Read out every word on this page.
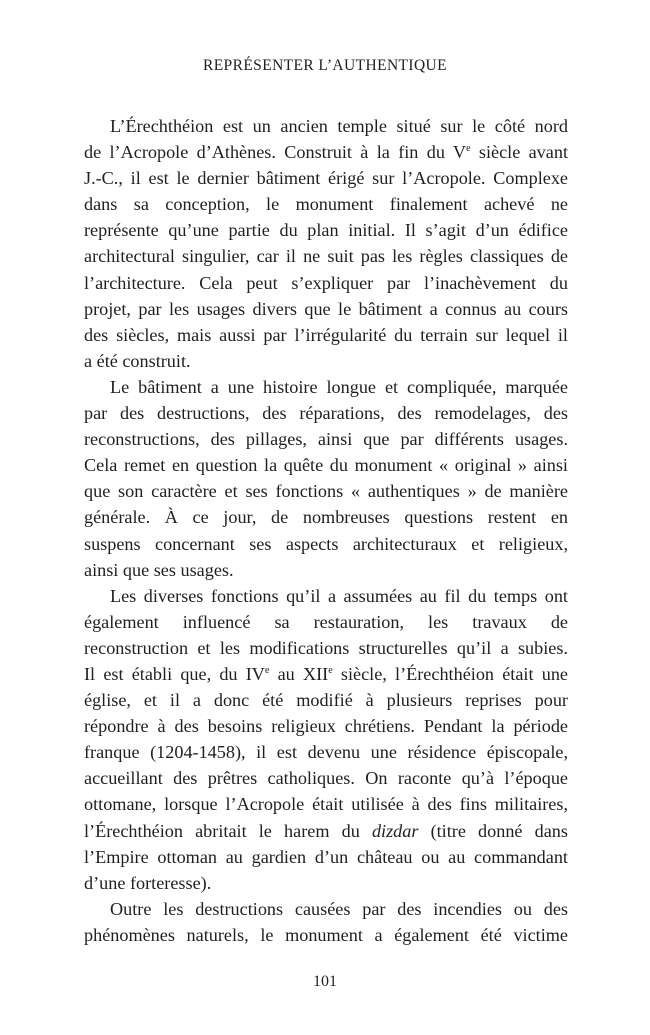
REPRÉSENTER L’AUTHENTIQUE

L’Érechthéion est un ancien temple situé sur le côté nord
de l’Acropole d’Athènes. Construit à la fin du Ve siècle avant
J.-C., il est le dernier bâtiment érigé sur l’Acropole. Complexe
dans sa conception, le monument finalement achevé ne
représente qu’une partie du plan initial. Il s’agit d’un édifice
architectural singulier, car il ne suit pas les règles classiques de
l’architecture. Cela peut s’expliquer par l’inachèvement du
projet, par les usages divers que le bâtiment a connus au cours
des siècles, mais aussi par l’irrégularité du terrain sur lequel il
a été construit.

Le bâtiment a une histoire longue et compliquée, marquée
par des destructions, des réparations, des remodelages, des
reconstructions, des pillages, ainsi que par différents usages.
Cela remet en question la quête du monument « original » ainsi
que son caractère et ses fonctions « authentiques » de manière
générale. À ce jour, de nombreuses questions restent en
suspens concernant ses aspects architecturaux et religieux,
ainsi que ses usages.

Les diverses fonctions qu’il a assumées au fil du temps ont
également influencé sa restauration, les travaux de
reconstruction et les modifications structurelles qu’il a subies.
Il est établi que, du IVe au XIIe siècle, l’Érechthéion était une
église, et il a donc été modifié à plusieurs reprises pour
répondre à des besoins religieux chrétiens. Pendant la période
franque (1204-1458), il est devenu une résidence épiscopale,
accueillant des prêtres catholiques. On raconte qu’à l’époque
ottomane, lorsque l’Acropole était utilisée à des fins militaires,
l’Érechthéion abritait le harem du dizdar (titre donné dans
l’Empire ottoman au gardien d’un château ou au commandant
d’une forteresse).

Outre les destructions causées par des incendies ou des
phénomènes naturels, le monument a également été victime

101
